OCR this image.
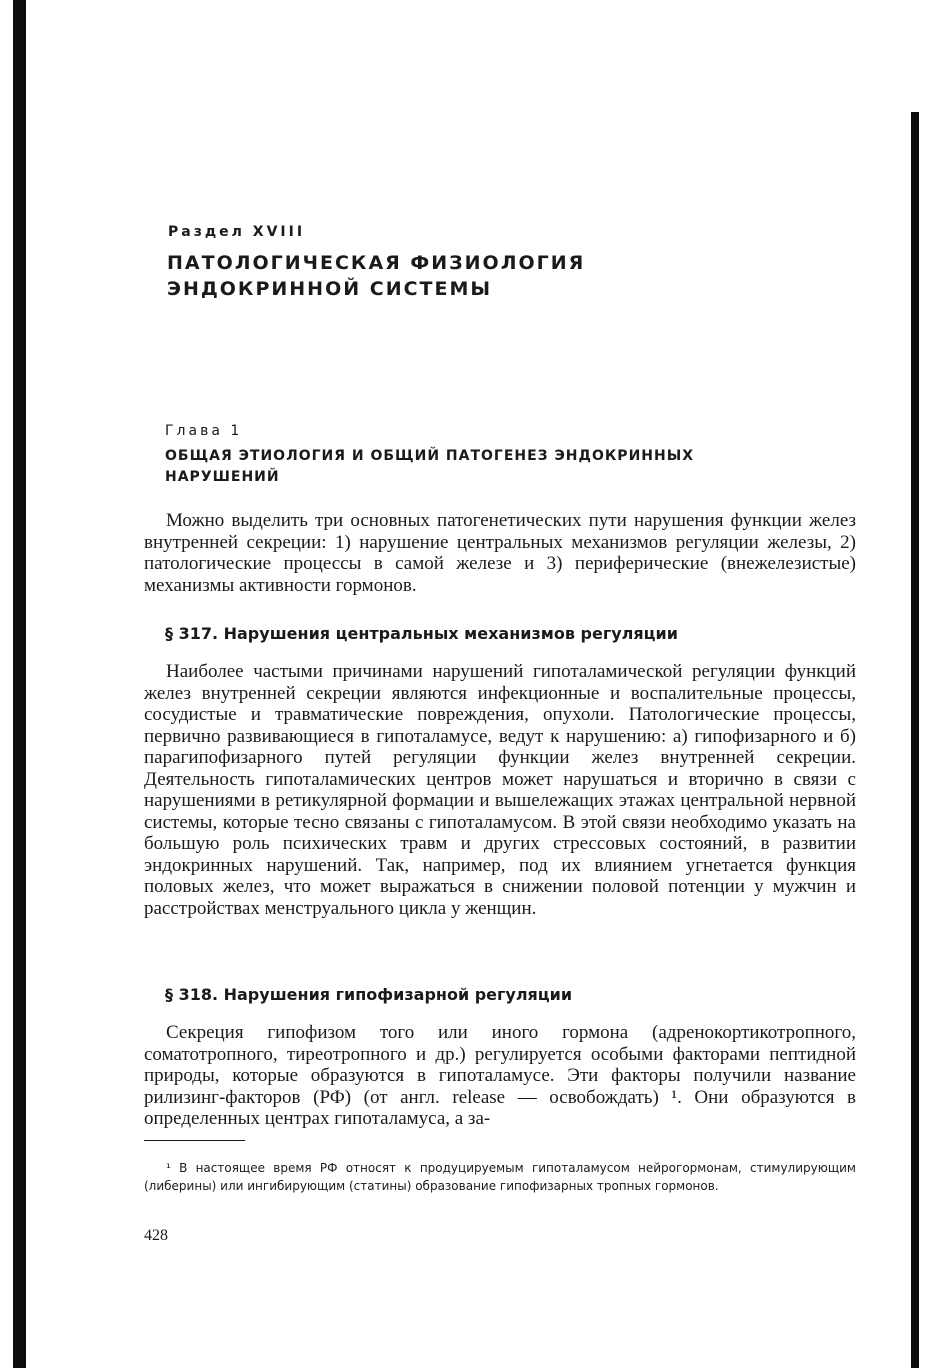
Раздел XVIII
ПАТОЛОГИЧЕСКАЯ ФИЗИОЛОГИЯ
ЭНДОКРИННОЙ СИСТЕМЫ
Глава 1
ОБЩАЯ ЭТИОЛОГИЯ И ОБЩИЙ ПАТОГЕНЕЗ ЭНДОКРИННЫХ
НАРУШЕНИЙ

Можно выделить три основных патогенетических пути нарушения функции желез внутренней секреции: 1) нарушение центральных механизмов регуляции железы, 2) патологические процессы в самой железе и 3) периферические (внежелезистые) механизмы активности гормонов.

§ 317. Нарушения центральных механизмов регуляции

Наиболее частыми причинами нарушений гипоталамической регуляции функций желез внутренней секреции являются инфекционные и воспалительные процессы, сосудистые и травматические повреждения, опухоли. Патологические процессы, первично развивающиеся в гипоталамусе, ведут к нарушению: а) гипофизарного и б) парагипофизарного путей регуляции функции желез внутренней секреции. Деятельность гипоталамических центров может нарушаться и вторично в связи с нарушениями в ретикулярной формации и вышележащих этажах центральной нервной системы, которые тесно связаны с гипоталамусом. В этой связи необходимо указать на большую роль психических травм и других стрессовых состояний, в развитии эндокринных нарушений. Так, например, под их влиянием угнетается функция половых желез, что может выражаться в снижении половой потенции у мужчин и расстройствах менструального цикла у женщин.

§ 318. Нарушения гипофизарной регуляции

Секреция гипофизом того или иного гормона (адренокортикотропного, соматотропного, тиреотропного и др.) регулируется особыми факторами пептидной природы, которые образуются в гипоталамусе. Эти факторы получили название рилизинг-факторов (РФ) (от англ. release — освобождать) ¹. Они образуются в определенных центрах гипоталамуса, а за-

¹ В настоящее время РФ относят к продуцируемым гипоталамусом нейрогормонам, стимулирующим (либерины) или ингибирующим (статины) образование гипофизарных тропных гормонов.

428
